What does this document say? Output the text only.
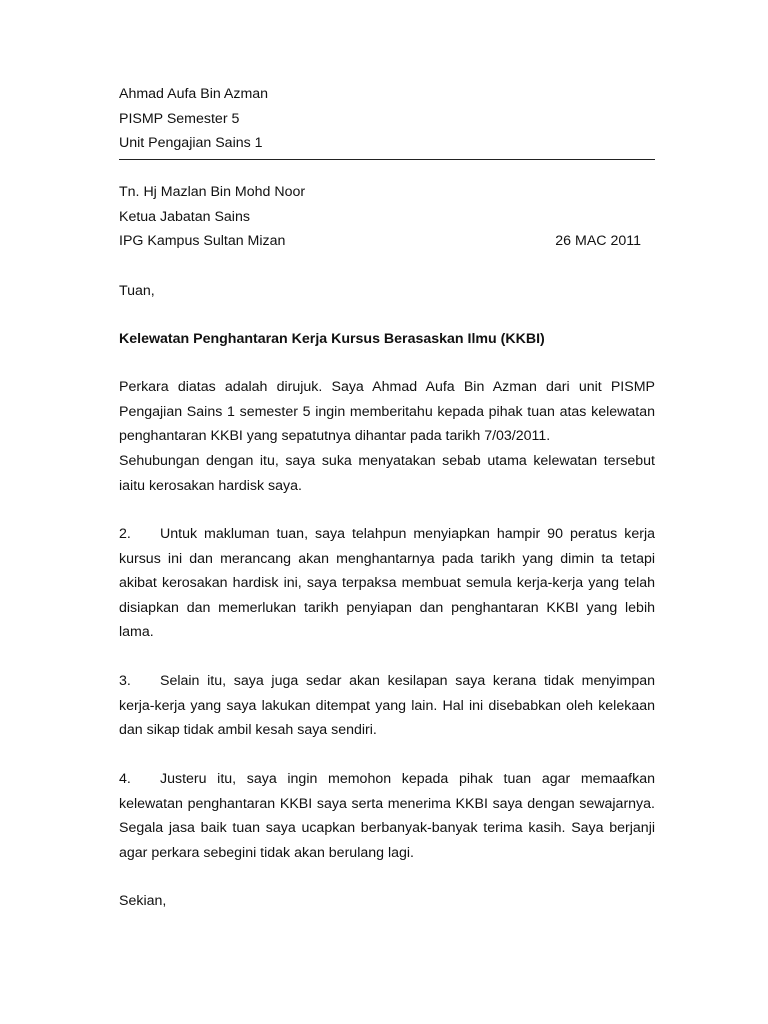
Ahmad Aufa Bin Azman
PISMP Semester 5
Unit Pengajian Sains 1
Tn. Hj Mazlan Bin Mohd Noor
Ketua Jabatan Sains
IPG Kampus Sultan Mizan	26 MAC 2011
Tuan,
Kelewatan Penghantaran Kerja Kursus Berasaskan Ilmu (KKBI)
Perkara diatas adalah dirujuk. Saya Ahmad Aufa Bin Azman dari unit PISMP
Pengajian Sains 1 semester 5 ingin memberitahu kepada pihak tuan atas kelewatan
penghantaran KKBI yang sepatutnya dihantar pada tarikh 7/03/2011.
Sehubungan dengan itu, saya suka menyatakan sebab utama kelewatan tersebut
iaitu kerosakan hardisk saya.
2. Untuk makluman tuan, saya telahpun menyiapkan hampir 90 peratus kerja
kursus ini dan merancang akan menghantarnya pada tarikh yang dimin ta tetapi
akibat kerosakan hardisk ini, saya terpaksa membuat semula kerja-kerja yang telah
disiapkan dan memerlukan tarikh penyiapan dan penghantaran KKBI yang lebih
lama.
3. Selain itu, saya juga sedar akan kesilapan saya kerana tidak menyimpan
kerja-kerja yang saya lakukan ditempat yang lain. Hal ini disebabkan oleh kelekaan
dan sikap tidak ambil kesah saya sendiri.
4. Justeru itu, saya ingin memohon kepada pihak tuan agar memaafkan
kelewatan penghantaran KKBI saya serta menerima KKBI saya dengan sewajarnya.
Segala jasa baik tuan saya ucapkan berbanyak-banyak terima kasih. Saya berjanji
agar perkara sebegini tidak akan berulang lagi.
Sekian,
